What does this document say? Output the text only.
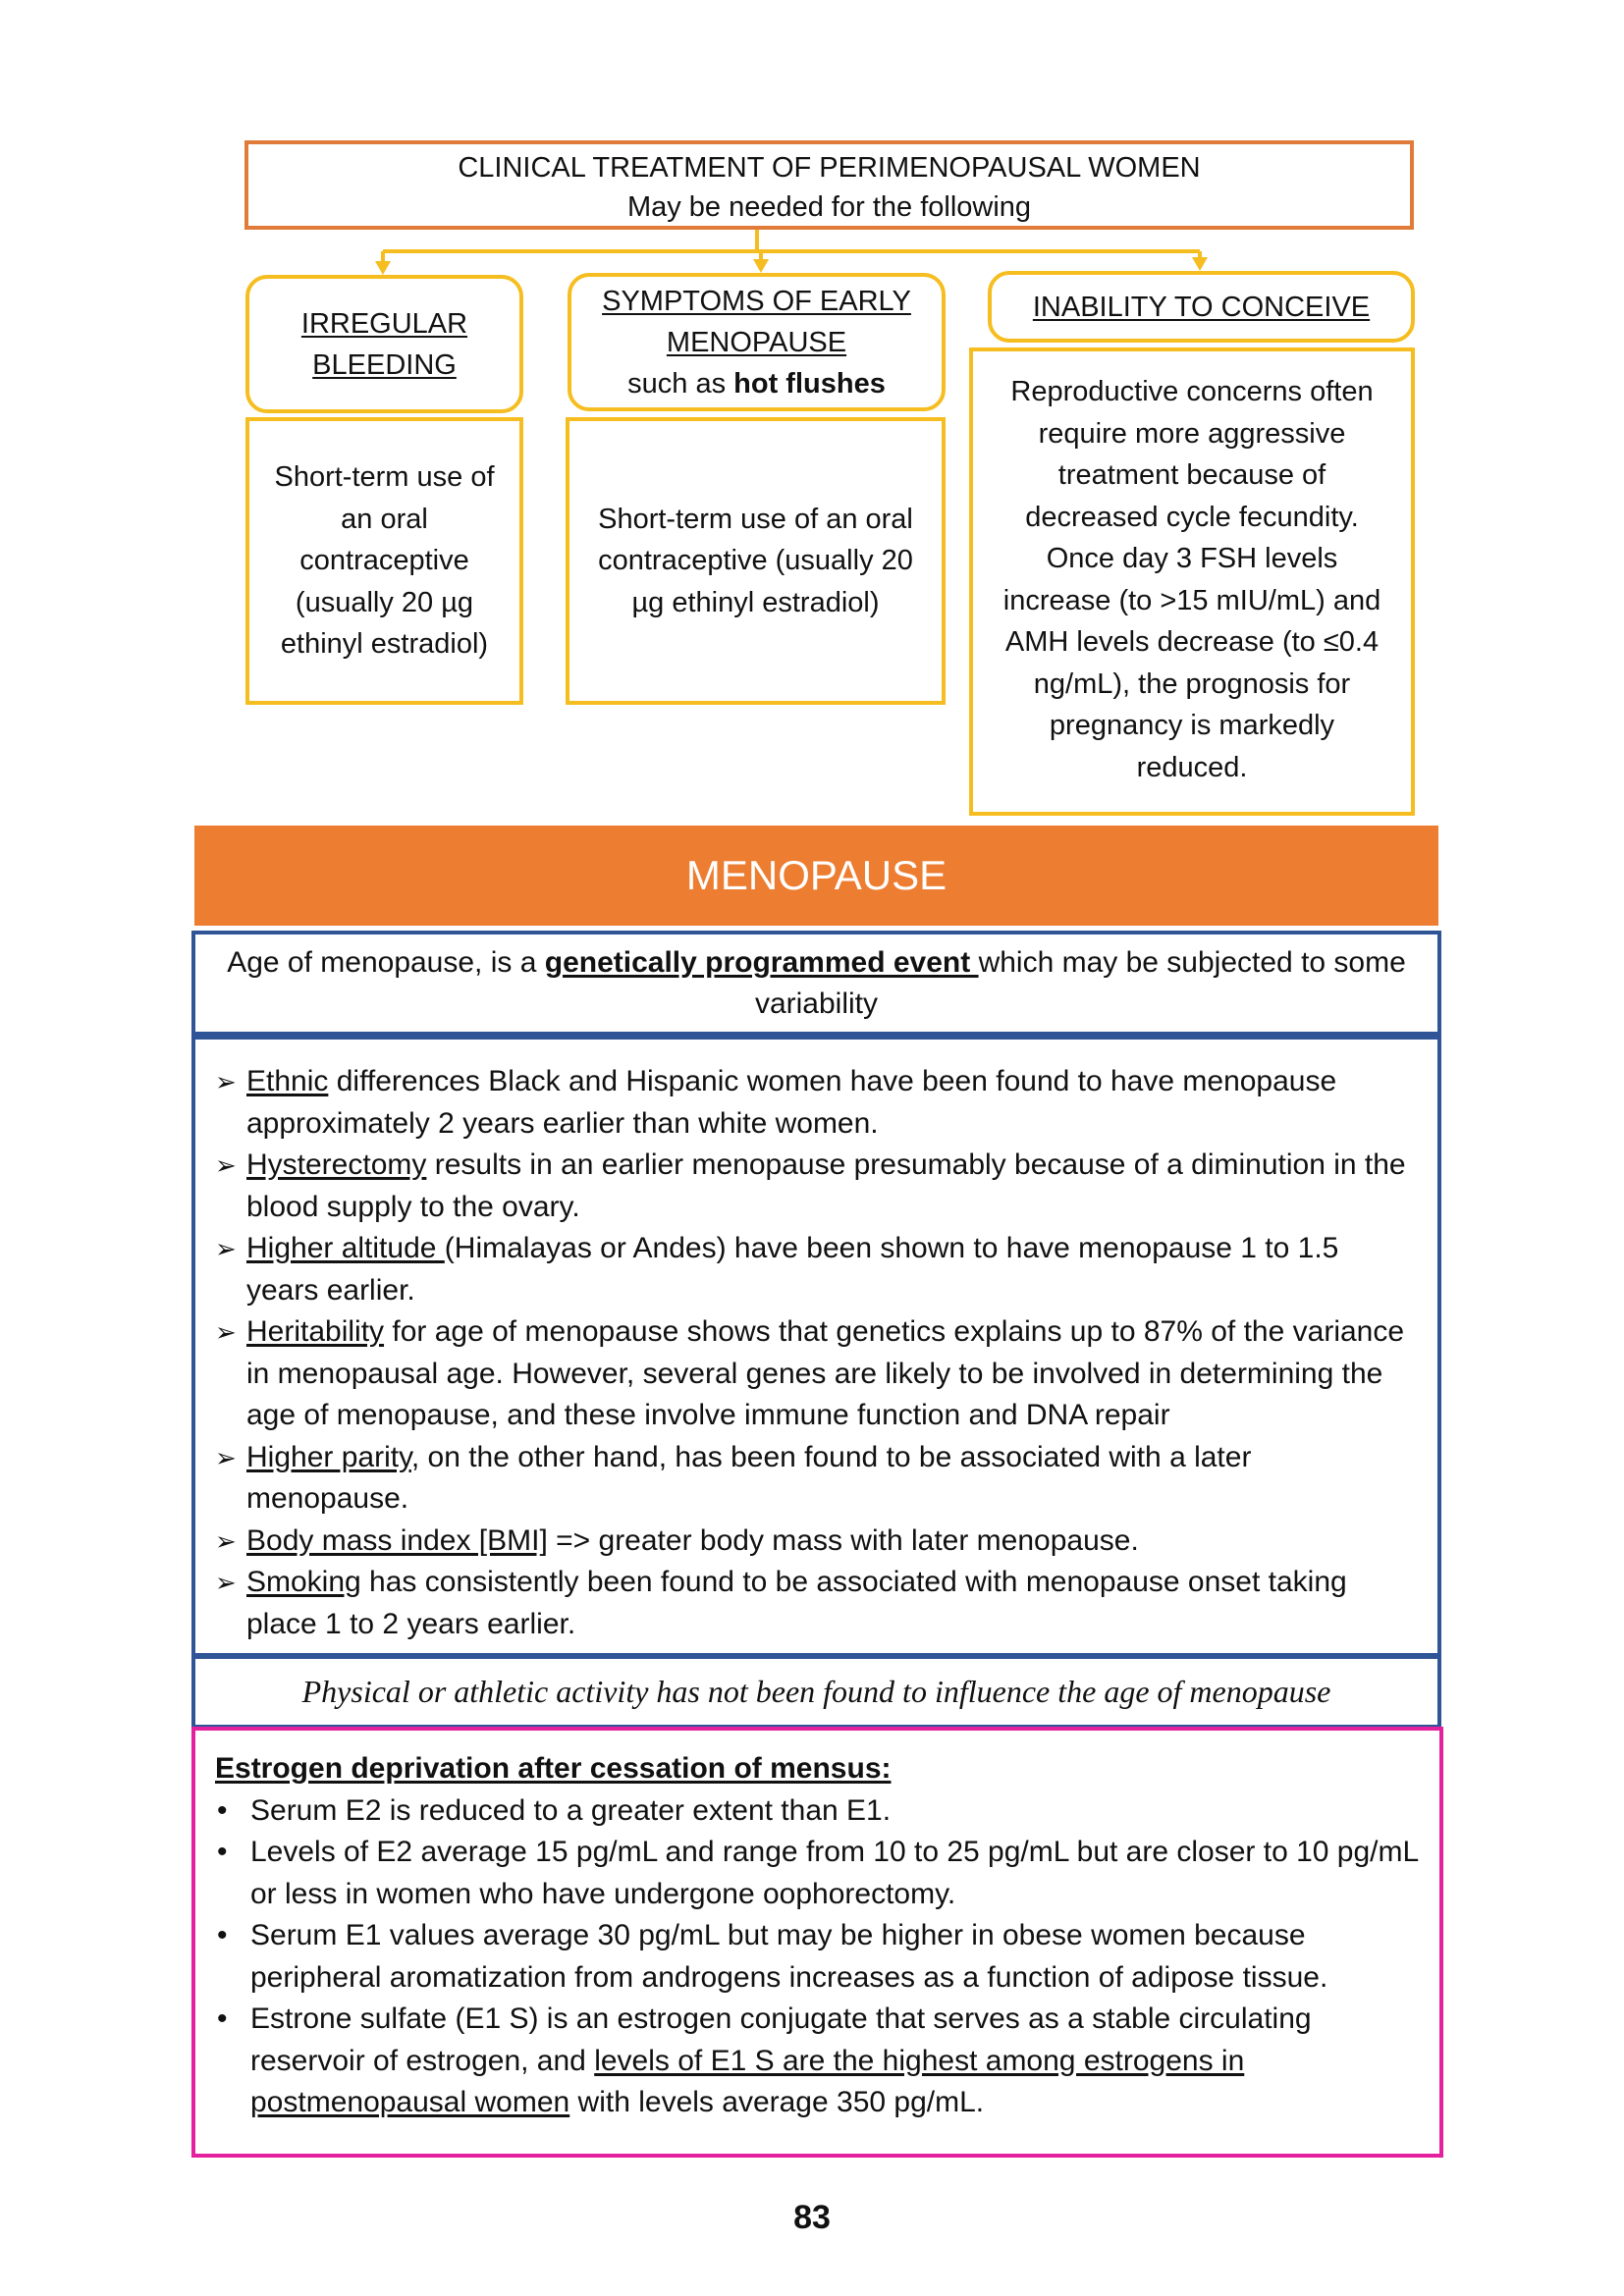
CLINICAL TREATMENT OF PERIMENOPAUSAL WOMEN
May be needed for the following
IRREGULAR
BLEEDING
Short-term use of
an oral
contraceptive
(usually 20 µg
ethinyl estradiol)
SYMPTOMS OF EARLY
MENOPAUSE
such as hot flushes
Short-term use of an oral
contraceptive (usually 20
µg ethinyl estradiol)
INABILITY TO CONCEIVE
Reproductive concerns often
require more aggressive
treatment because of
decreased cycle fecundity.
Once day 3 FSH levels
increase (to >15 mIU/mL) and
AMH levels decrease (to ≤0.4
ng/mL), the prognosis for
pregnancy is markedly
reduced.
MENOPAUSE
Age of menopause, is a genetically programmed event which may be subjected to some variability
➢ Ethnic differences Black and Hispanic women have been found to have menopause approximately 2 years earlier than white women.
➢ Hysterectomy results in an earlier menopause presumably because of a diminution in the blood supply to the ovary.
➢ Higher altitude (Himalayas or Andes) have been shown to have menopause 1 to 1.5 years earlier.
➢ Heritability for age of menopause shows that genetics explains up to 87% of the variance in menopausal age. However, several genes are likely to be involved in determining the age of menopause, and these involve immune function and DNA repair
➢ Higher parity, on the other hand, has been found to be associated with a later menopause.
➢ Body mass index [BMI] => greater body mass with later menopause.
➢ Smoking has consistently been found to be associated with menopause onset taking place 1 to 2 years earlier.
Physical or athletic activity has not been found to influence the age of menopause
Estrogen deprivation after cessation of mensus:
• Serum E2 is reduced to a greater extent than E1.
• Levels of E2 average 15 pg/mL and range from 10 to 25 pg/mL but are closer to 10 pg/mL or less in women who have undergone oophorectomy.
• Serum E1 values average 30 pg/mL but may be higher in obese women because peripheral aromatization from androgens increases as a function of adipose tissue.
• Estrone sulfate (E1 S) is an estrogen conjugate that serves as a stable circulating reservoir of estrogen, and levels of E1 S are the highest among estrogens in postmenopausal women with levels average 350 pg/mL.
83
